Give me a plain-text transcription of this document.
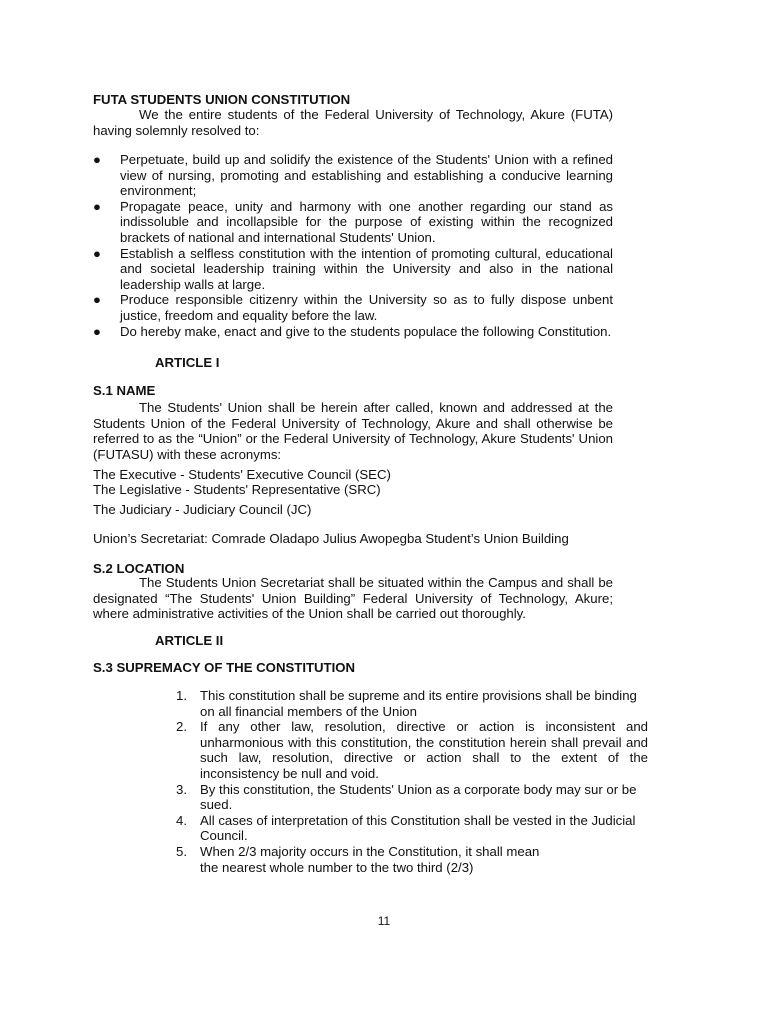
FUTA STUDENTS UNION CONSTITUTION
We the entire students of the Federal University of Technology, Akure (FUTA) having solemnly resolved to:
● Perpetuate, build up and solidify the existence of the Students' Union with a refined view of nursing, promoting and establishing and establishing a conducive learning environment;
● Propagate peace, unity and harmony with one another regarding our stand as indissoluble and incollapsible for the purpose of existing within the recognized brackets of national and international Students' Union.
● Establish a selfless constitution with the intention of promoting cultural, educational and societal leadership training within the University and also in the national leadership walls at large.
● Produce responsible citizenry within the University so as to fully dispose unbent justice, freedom and equality before the law.
● Do hereby make, enact and give to the students populace the following Constitution.
ARTICLE I
S.1 NAME
The Students' Union shall be herein after called, known and addressed at the Students Union of the Federal University of Technology, Akure and shall otherwise be referred to as the “Union” or the Federal University of Technology, Akure Students' Union (FUTASU) with these acronyms:
The Executive - Students' Executive Council (SEC)
The Legislative - Students' Representative (SRC)
The Judiciary - Judiciary Council (JC)
Union’s Secretariat: Comrade Oladapo Julius Awopegba Student’s Union Building
S.2 LOCATION
The Students Union Secretariat shall be situated within the Campus and shall be designated “The Students' Union Building” Federal University of Technology, Akure; where administrative activities of the Union shall be carried out thoroughly.
ARTICLE II
S.3 SUPREMACY OF THE CONSTITUTION
1. This constitution shall be supreme and its entire provisions shall be binding on all financial members of the Union
2. If any other law, resolution, directive or action is inconsistent and unharmonious with this constitution, the constitution herein shall prevail and such law, resolution, directive or action shall to the extent of the inconsistency be null and void.
3. By this constitution, the Students' Union as a corporate body may sur or be sued.
4. All cases of interpretation of this Constitution shall be vested in the Judicial Council.
5. When 2/3 majority occurs in the Constitution, it shall mean the nearest whole number to the two third (2/3)
11
